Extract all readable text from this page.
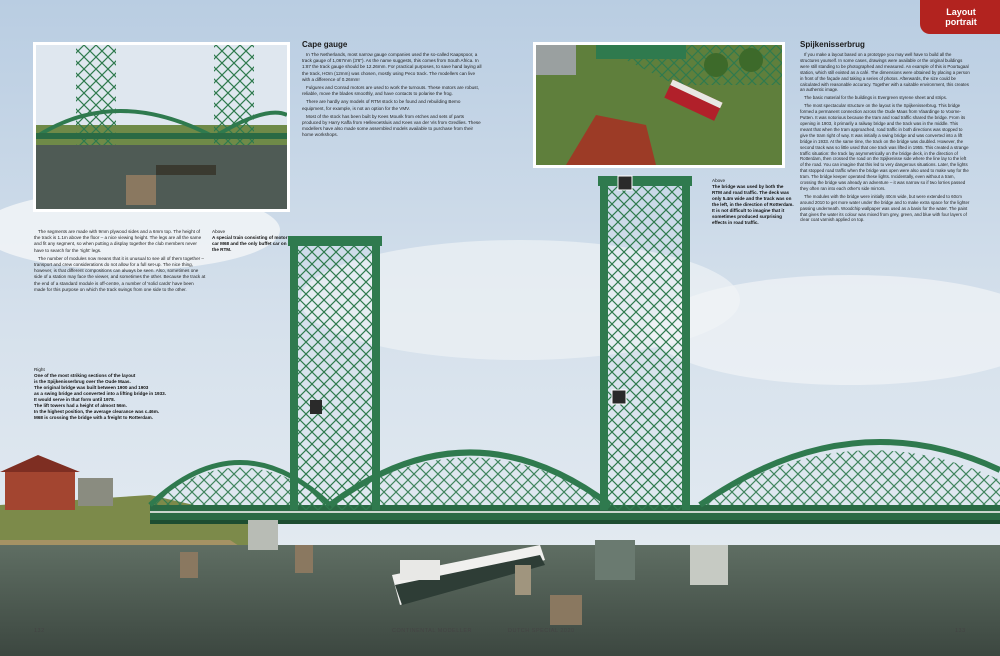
Layout
portrait

The segments are made with 9mm plywood sides and a 6mm top. The height of the track is 1.1m above the floor – a nice viewing height. The legs are all the same and fit any segment, so when putting a display together the club members never have to search for the 'right' legs.

The number of modules now means that it is unusual to see all of them together – transport and crew considerations do not allow for a full set-up. The nice thing, however, is that different compositions can always be seen. Also, sometimes one side of a station may face the viewer, and sometimes the other. Because the track at the end of a standard module is off-centre, a number of 'solid cards' have been made for this purpose on which the track swings from one side to the other.

Above
A special train consisting of motor car M68 and the only buffet car on the RTM.
Right
One of the most striking sections of the layout
is the Spijkenisserbrug over the Oude Maas.
The original bridge was built between 1900 and 1903
as a swing bridge and converted into a lifting bridge in 1933.
It would serve in that form until 1978.
The lift towers had a height of almost 56m.
In the highest position, the average clearance was c.46m.
M68 is crossing the bridge with a freight to Rotterdam.
Cape gauge

In The Netherlands, most narrow gauge companies used the so-called Kaapspoor, a track gauge of 1,067mm (3'6"). As the name suggests, this comes from South Africa. In 1:87 the track gauge should be 12.26mm. For practical purposes, to save hand laying all the track, HOm (12mm) was chosen, mostly using Peco track. The modellers can live with a difference of 0.26mm!

Fulgurex and Conrad motors are used to work the turnouts. These motors are robust, reliable, move the blades smoothly, and have contacts to polarise the frog.

There are hardly any models of RTM stock to be found and rebuilding Bemo equipment, for example, is not an option for the VMV.

Most of the stock has been built by Kees Mourik from etches and sets of parts produced by Harry Kaffa from Hellevoetsluis and Kees van der Vis from Gredlies. These modellers have also made some assembled models available to purchase from their home workshops.

Above
The bridge was used by both the RTM and road traffic. The deck was only 5.4m wide and the track was on the left, in the direction of Rotterdam. It is not difficult to imagine that it sometimes produced surprising effects in road traffic.
Spijkenisserbrug

If you make a layout based on a prototype you may well have to build all the structures yourself. In some cases, drawings were available or the original buildings were still standing to be photographed and measured. An example of this is Poortugaal station, which still existed as a café. The dimensions were obtained by placing a person in front of the façade and taking a series of photos. Afterwards, the size could be calculated with reasonable accuracy. Together with a suitable environment, this creates an authentic image.

The basic material for the buildings is Evergreen styrene sheet and strips.

The most spectacular structure on the layout is the Spijkenisserbrug. This bridge formed a permanent connection across the Oude Maas from Vlaardinge to Voorne-Putten. It was notorious because the tram and road traffic shared the bridge. From its opening in 1903, it primarily a railway bridge and the track was in the middle. This meant that when the tram approached, road traffic in both directions was stopped to give the tram right of way. It was initially a swing bridge and was converted into a lift bridge in 1933. At the same time, the track on the bridge was doubled. However, the second track was so little used that one track was lifted in 1955. This created a strange traffic situation: the track lay asymmetrically on the bridge deck, in the direction of Rotterdam, then crossed the road on the Spijkenisse side where the line lay to the left of the road. You can imagine that this led to very dangerous situations. Later, the lights that stopped road traffic when the bridge was open were also used to make way for the tram. The bridge keeper operated these lights. Incidentally, even without a tram, crossing the bridge was already an adventure – it was narrow so if two lorries passed they often ran into each other's side mirrors.

The modules with the bridge were initially 40cm wide, but were extended to 60cm around 2010 to get more water under the bridge and to make extra space for the lighter passing underneath. Woodchip wallpaper was used as a basis for the water. The paint that gives the water its colour was mixed from grey, green, and blue with four layers of clear coat varnish applied on top.

132	CONTINENTAL MODELLER	DUTCH SPECIAL 2020	133
